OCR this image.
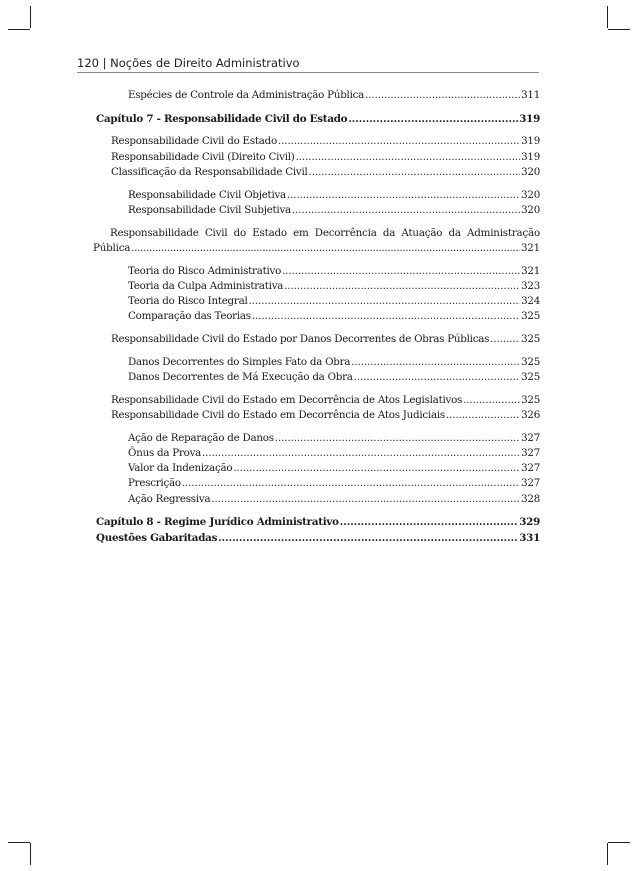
120 | Noções de Direito Administrativo
Espécies de Controle da Administração Pública .....	311
Capítulo 7 - Responsabilidade Civil do Estado .....	319
Responsabilidade Civil do Estado .....	319
Responsabilidade Civil (Direito Civil) .....	319
Classificação da Responsabilidade Civil .....	320
Responsabilidade Civil Objetiva .....	320
Responsabilidade Civil Subjetiva .....	320
Responsabilidade Civil do Estado em Decorrência da Atuação da Administração
Pública .....	321
Teoria do Risco Administrativo .....	321
Teoria da Culpa Administrativa .....	323
Teoria do Risco Integral .....	324
Comparação das Teorias .....	325
Responsabilidade Civil do Estado por Danos Decorrentes de Obras Públicas .....	325
Danos Decorrentes do Simples Fato da Obra .....	325
Danos Decorrentes de Má Execução da Obra .....	325
Responsabilidade Civil do Estado em Decorrência de Atos Legislativos .....	325
Responsabilidade Civil do Estado em Decorrência de Atos Judiciais .....	326
Ação de Reparação de Danos .....	327
Ônus da Prova .....	327
Valor da Indenização .....	327
Prescrição .....	327
Ação Regressiva .....	328
Capítulo 8 - Regime Jurídico Administrativo .....	329
Questões Gabaritadas .....	331
